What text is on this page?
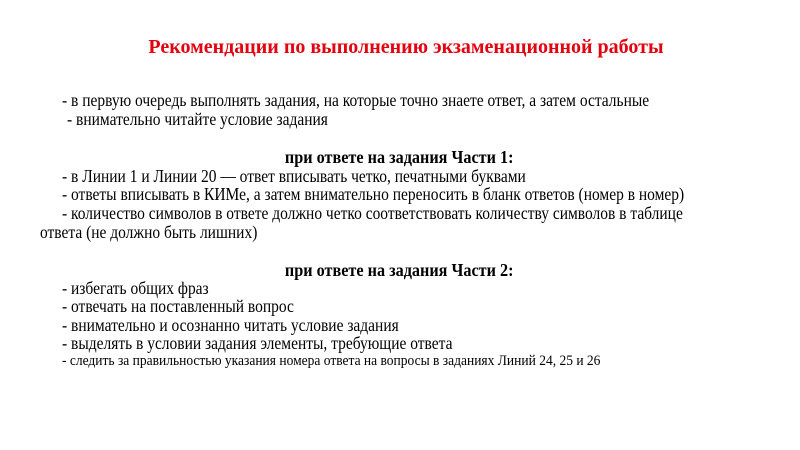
Рекомендации по выполнению экзаменационной работы
- в первую очередь выполнять задания, на которые точно знаете ответ, а затем остальные
- внимательно читайте условие задания
при ответе на задания Части 1:
- в Линии 1 и Линии 20 — ответ вписывать четко, печатными буквами
- ответы вписывать в КИМе, а затем внимательно переносить в бланк ответов (номер в номер)
- количество символов в ответе должно четко соответствовать количеству символов в таблице
ответа (не должно быть лишних)
при ответе на задания Части 2:
- избегать общих фраз
- отвечать на поставленный вопрос
- внимательно и осознанно читать условие задания
- выделять в условии задания элементы, требующие ответа
- следить за правильностью указания номера ответа на вопросы в заданиях Линий 24, 25 и 26
